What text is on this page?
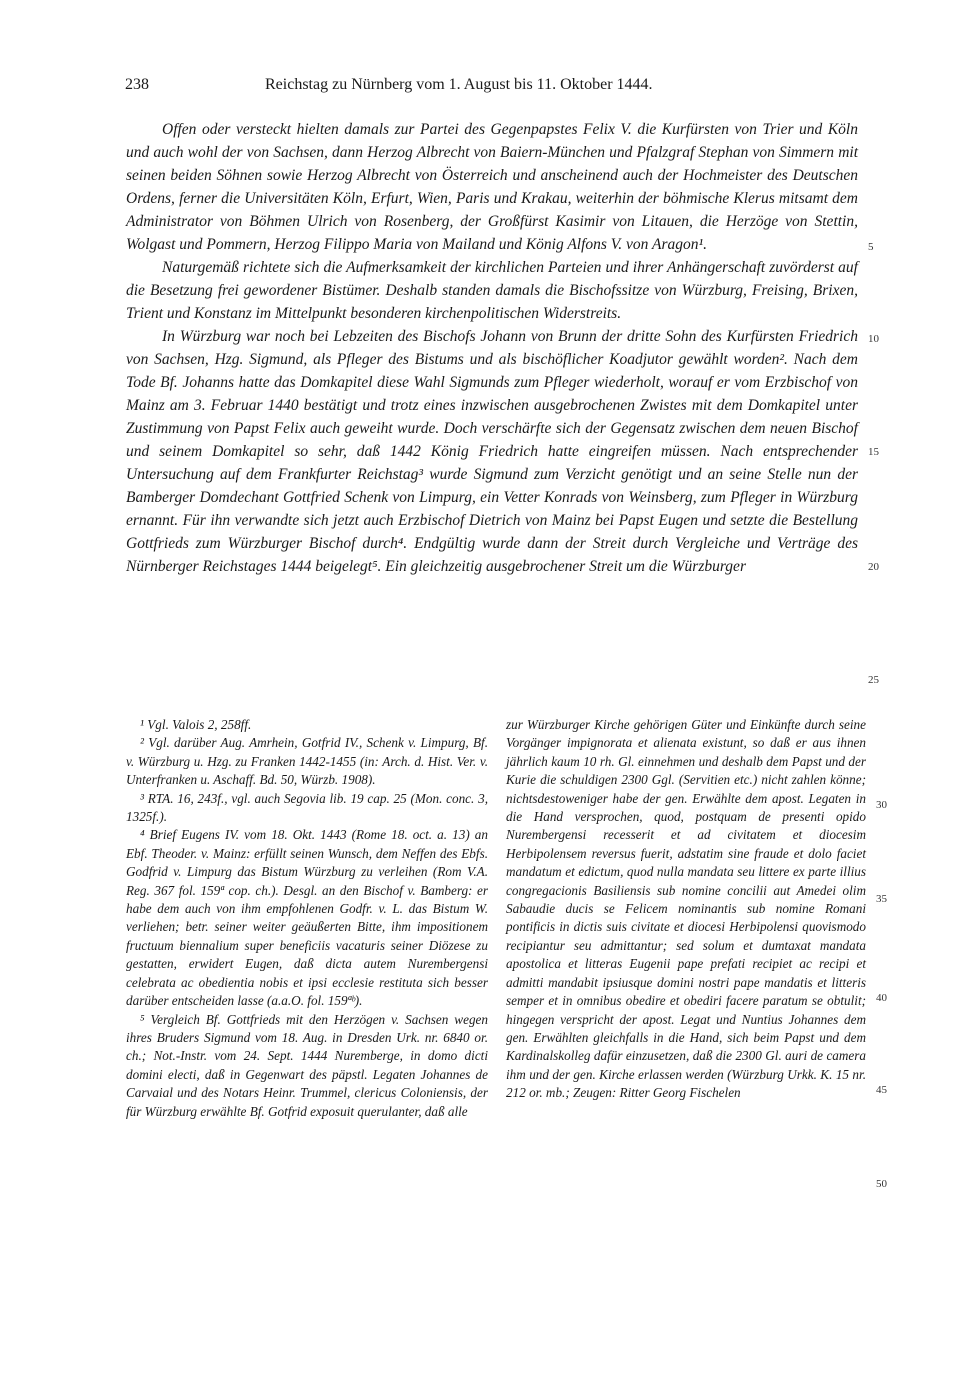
238	Reichstag zu Nürnberg vom 1. August bis 11. Oktober 1444.

Offen oder versteckt hielten damals zur Partei des Gegenpapstes Felix V. die Kurfürsten von Trier und Köln und auch wohl der von Sachsen, dann Herzog Albrecht von Baiern-München und Pfalzgraf Stephan von Simmern mit seinen beiden Söhnen sowie Herzog Albrecht von Österreich und anscheinend auch der Hochmeister des Deutschen Ordens, ferner die Universitäten Köln, Erfurt, Wien, Paris und Krakau, weiterhin der böhmische Klerus mitsamt dem Administrator von Böhmen Ulrich von Rosenberg, der Großfürst Kasimir von Litauen, die Herzöge von Stettin, Wolgast und Pommern, Herzog Filippo Maria von Mailand und König Alfons V. von Aragon¹.

Naturgemäß richtete sich die Aufmerksamkeit der kirchlichen Parteien und ihrer Anhängerschaft zuvörderst auf die Besetzung frei gewordener Bistümer. Deshalb standen damals die Bischofssitze von Würzburg, Freising, Brixen, Trient und Konstanz im Mittelpunkt besonderen kirchenpolitischen Widerstreits.

In Würzburg war noch bei Lebzeiten des Bischofs Johann von Brunn der dritte Sohn des Kurfürsten Friedrich von Sachsen, Hzg. Sigmund, als Pfleger des Bistums und als bischöflicher Koadjutor gewählt worden². Nach dem Tode Bf. Johanns hatte das Domkapitel diese Wahl Sigmunds zum Pfleger wiederholt, worauf er vom Erzbischof von Mainz am 3. Februar 1440 bestätigt und trotz eines inzwischen ausgebrochenen Zwistes mit dem Domkapitel unter Zustimmung von Papst Felix auch geweiht wurde. Doch verschärfte sich der Gegensatz zwischen dem neuen Bischof und seinem Domkapitel so sehr, daß 1442 König Friedrich hatte eingreifen müssen. Nach entsprechender Untersuchung auf dem Frankfurter Reichstag³ wurde Sigmund zum Verzicht genötigt und an seine Stelle nun der Bamberger Domdechant Gottfried Schenk von Limpurg, ein Vetter Konrads von Weinsberg, zum Pfleger in Würzburg ernannt. Für ihn verwandte sich jetzt auch Erzbischof Dietrich von Mainz bei Papst Eugen und setzte die Bestellung Gottfrieds zum Würzburger Bischof durch⁴. Endgültig wurde dann der Streit durch Vergleiche und Verträge des Nürnberger Reichstages 1444 beigelegt⁵. Ein gleichzeitig ausgebrochener Streit um die Würzburger

5
10
15
20
25

¹ Vgl. Valois 2, 258ff.

² Vgl. darüber Aug. Amrhein, Gotfrid IV., Schenk v. Limpurg, Bf. v. Würzburg u. Hzg. zu Franken 1442-1455 (in: Arch. d. Hist. Ver. v. Unterfranken u. Aschaff. Bd. 50, Würzb. 1908).

³ RTA. 16, 243f., vgl. auch Segovia lib. 19 cap. 25 (Mon. conc. 3, 1325f.).

⁴ Brief Eugens IV. vom 18. Okt. 1443 (Rome 18. oct. a. 13) an Ebf. Theoder. v. Mainz: erfüllt seinen Wunsch, dem Neffen des Ebfs. Godfrid v. Limpurg das Bistum Würzburg zu verleihen (Rom V.A. Reg. 367 fol. 159ª cop. ch.). Desgl. an den Bischof v. Bamberg: er habe dem auch von ihm empfohlenen Godfr. v. L. das Bistum W. verliehen; betr. seiner weiter geäußerten Bitte, ihm impositionem fructuum biennalium super beneficiis vacaturis seiner Diözese zu gestatten, erwidert Eugen, daß dicta autem Nurembergensi celebrata ac obedientia nobis et ipsi ecclesie restituta sich besser darüber entscheiden lasse (a.a.O. fol. 159ªᵇ).

⁵ Vergleich Bf. Gottfrieds mit den Herzögen v. Sachsen wegen ihres Bruders Sigmund vom 18. Aug. in Dresden Urk. nr. 6840 or. ch.; Not.-Instr. vom 24. Sept. 1444 Nuremberge, in domo dicti domini electi, daß in Gegenwart des päpstl. Legaten Johannes de Carvaial und des Notars Heinr. Trummel, clericus Coloniensis, der für Würzburg erwählte Bf. Gotfrid exposuit querulanter, daß alle

zur Würzburger Kirche gehörigen Güter und Einkünfte durch seine Vorgänger impignorata et alienata existunt, so daß er aus ihnen jährlich kaum 10 rh. Gl. einnehmen und deshalb dem Papst und der Kurie die schuldigen 2300 Ggl. (Servitien etc.) nicht zahlen könne; nichtsdestoweniger habe der gen. Erwählte dem apost. Legaten in die Hand versprochen, quod, postquam de presenti opido Nurembergensi recesserit et ad civitatem et diocesim Herbipolensem reversus fuerit, adstatim sine fraude et dolo faciet mandatum et edictum, quod nulla mandata seu littere ex parte illius congregacionis Basiliensis sub nomine concilii aut Amedei olim Sabaudie ducis se Felicem nominantis sub nomine Romani pontificis in dictis suis civitate et diocesi Herbipolensi quovismodo recipiantur seu admittantur; sed solum et dumtaxat mandata apostolica et litteras Eugenii pape prefati recipiet ac recipi et admitti mandabit ipsiusque domini nostri pape mandatis et litteris semper et in omnibus obedire et obediri facere paratum se obtulit; hingegen verspricht der apost. Legat und Nuntius Johannes dem gen. Erwählten gleichfalls in die Hand, sich beim Papst und dem Kardinalskolleg dafür einzusetzen, daß die 2300 Gl. auri de camera ihm und der gen. Kirche erlassen werden (Würzburg Urkk. K. 15 nr. 212 or. mb.; Zeugen: Ritter Georg Fischelen

30
35
40
45
50
